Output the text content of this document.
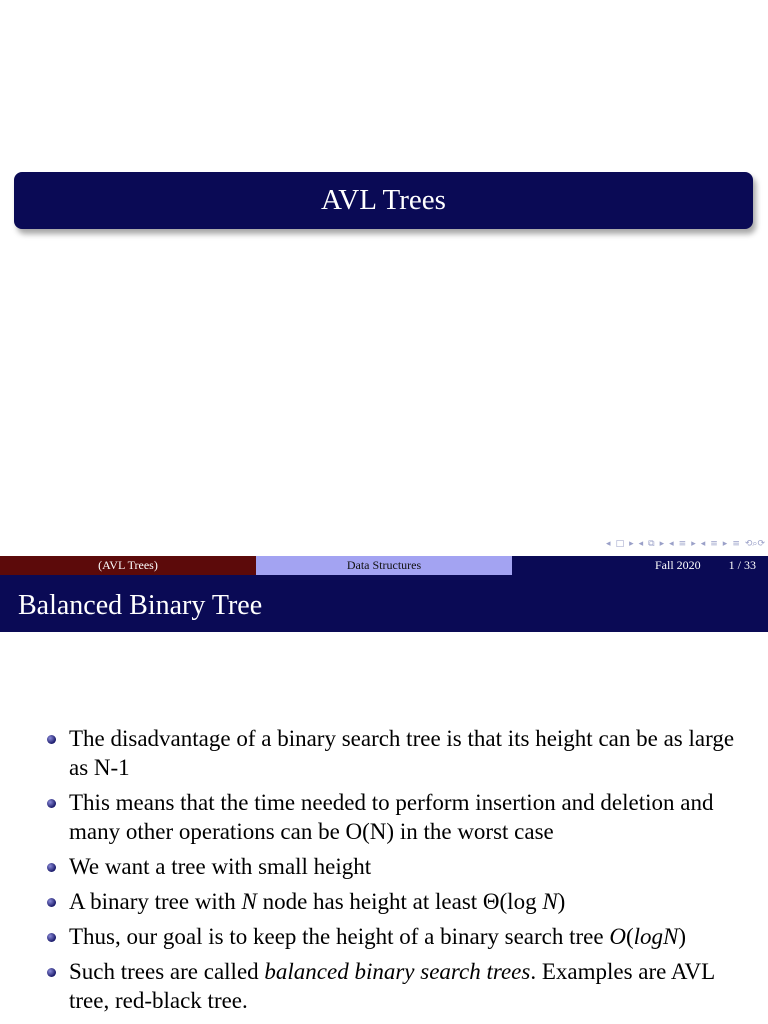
AVL Trees
◂ □ ▸ ◂ ⧉ ▸ ◂ ≡ ▸ ◂ ≡ ▸ ≡ ⟲⌕⟳
(AVL Trees)	Data Structures	Fall 2020 1 / 33
Balanced Binary Tree
The disadvantage of a binary search tree is that its height can be as large as N-1
This means that the time needed to perform insertion and deletion and many other operations can be O(N) in the worst case
We want a tree with small height
A binary tree with N node has height at least Θ(log N)
Thus, our goal is to keep the height of a binary search tree O(logN)
Such trees are called balanced binary search trees. Examples are AVL tree, red-black tree.
